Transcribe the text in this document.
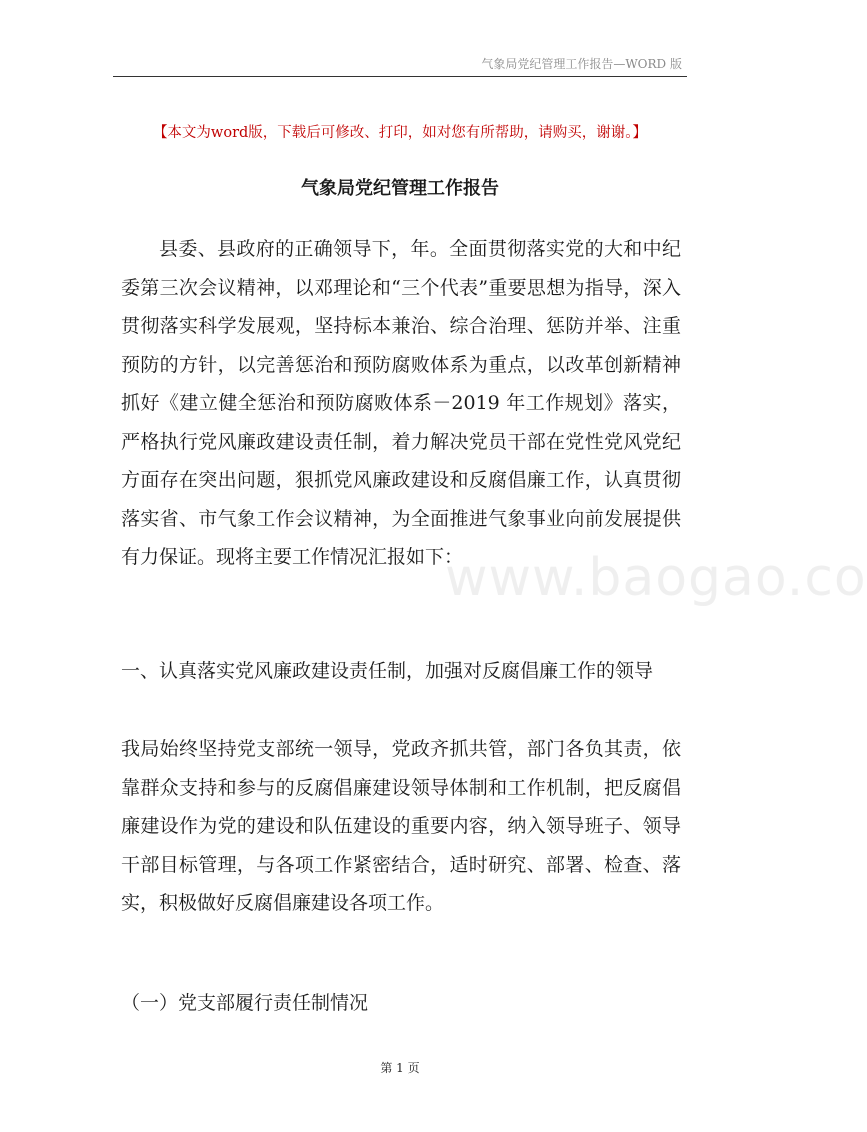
气象局党纪管理工作报告—WORD 版
【本文为word版，下载后可修改、打印，如对您有所帮助，请购买，谢谢。】
气象局党纪管理工作报告

县委、县政府的正确领导下，年。全面贯彻落实党的大和中纪委第三次会议精神，以邓理论和“三个代表”重要思想为指导，深入贯彻落实科学发展观，坚持标本兼治、综合治理、惩防并举、注重预防的方针，以完善惩治和预防腐败体系为重点，以改革创新精神抓好《建立健全惩治和预防腐败体系－2019 年工作规划》落实，严格执行党风廉政建设责任制，着力解决党员干部在党性党风党纪方面存在突出问题，狠抓党风廉政建设和反腐倡廉工作，认真贯彻落实省、市气象工作会议精神，为全面推进气象事业向前发展提供有力保证。现将主要工作情况汇报如下：

www.baogao.co

一、认真落实党风廉政建设责任制，加强对反腐倡廉工作的领导

我局始终坚持党支部统一领导，党政齐抓共管，部门各负其责，依靠群众支持和参与的反腐倡廉建设领导体制和工作机制，把反腐倡廉建设作为党的建设和队伍建设的重要内容，纳入领导班子、领导干部目标管理，与各项工作紧密结合，适时研究、部署、检查、落实，积极做好反腐倡廉建设各项工作。

（一）党支部履行责任制情况

第 1 页
